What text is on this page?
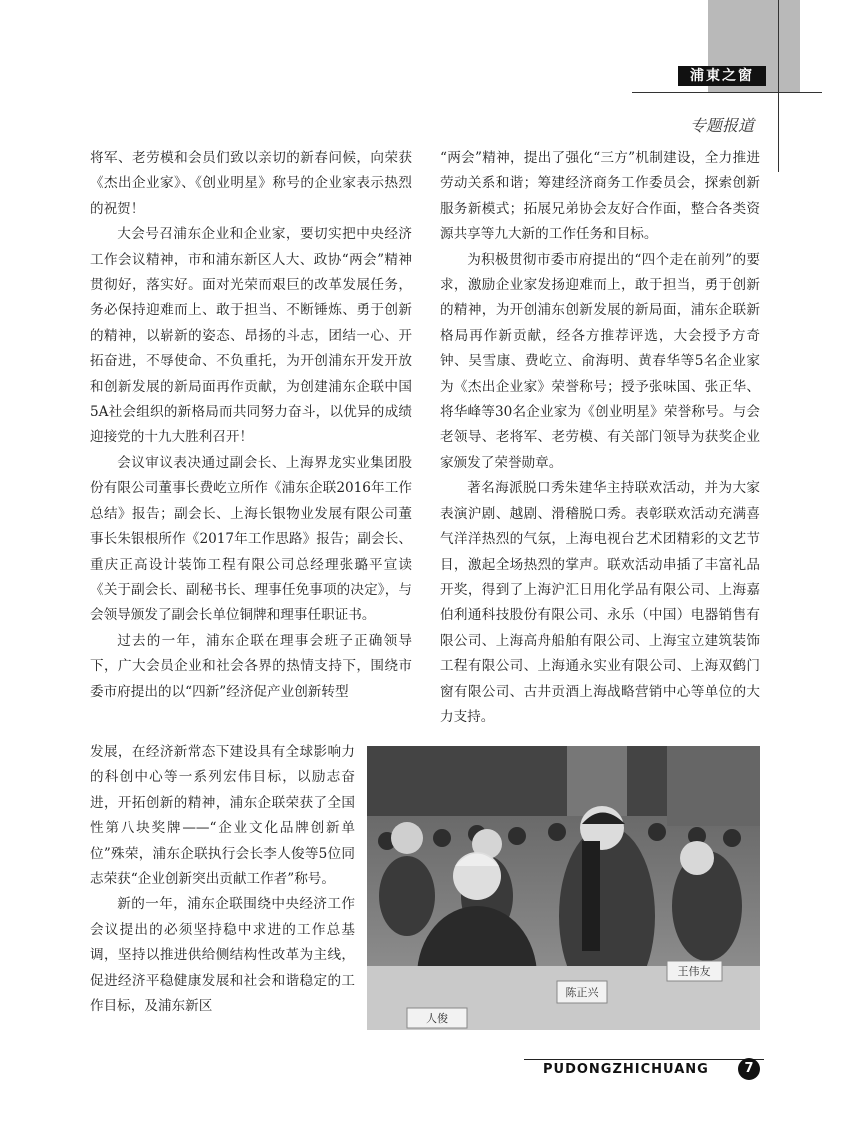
浦東之窗
专题报道

将军、老劳模和会员们致以亲切的新春问候，向荣获《杰出企业家》、《创业明星》称号的企业家表示热烈的祝贺！

大会号召浦东企业和企业家，要切实把中央经济工作会议精神，市和浦东新区人大、政协“两会”精神贯彻好，落实好。面对光荣而艰巨的改革发展任务，务必保持迎难而上、敢于担当、不断锤炼、勇于创新的精神，以崭新的姿态、昂扬的斗志，团结一心、开拓奋进，不辱使命、不负重托，为开创浦东开发开放和创新发展的新局面再作贡献，为创建浦东企联中国5A社会组织的新格局而共同努力奋斗，以优异的成绩迎接党的十九大胜利召开！

会议审议表决通过副会长、上海界龙实业集团股份有限公司董事长费屹立所作《浦东企联2016年工作总结》报告；副会长、上海长银物业发展有限公司董事长朱银根所作《2017年工作思路》报告；副会长、重庆正高设计装饰工程有限公司总经理张璐平宣读《关于副会长、副秘书长、理事任免事项的决定》，与会领导颁发了副会长单位铜牌和理事任职证书。

过去的一年，浦东企联在理事会班子正确领导下，广大会员企业和社会各界的热情支持下，围绕市委市府提出的以“四新”经济促产业创新转型

发展，在经济新常态下建设具有全球影响力的科创中心等一系列宏伟目标，以励志奋进，开拓创新的精神，浦东企联荣获了全国性第八块奖牌——“企业文化品牌创新单位”殊荣，浦东企联执行会长李人俊等5位同志荣获“企业创新突出贡献工作者”称号。

新的一年，浦东企联围绕中央经济工作会议提出的必须坚持稳中求进的工作总基调，坚持以推进供给侧结构性改革为主线，促进经济平稳健康发展和社会和谐稳定的工作目标，及浦东新区

“两会”精神，提出了强化“三方”机制建设，全力推进劳动关系和谐；筹建经济商务工作委员会，探索创新服务新模式；拓展兄弟协会友好合作面，整合各类资源共享等九大新的工作任务和目标。

为积极贯彻市委市府提出的“四个走在前列”的要求，激励企业家发扬迎难而上，敢于担当，勇于创新的精神，为开创浦东创新发展的新局面，浦东企联新格局再作新贡献，经各方推荐评选，大会授予方奇钟、吴雪康、费屹立、俞海明、黄春华等5名企业家为《杰出企业家》荣誉称号；授予张味国、张正华、将华峰等30名企业家为《创业明星》荣誉称号。与会老领导、老将军、老劳模、有关部门领导为获奖企业家颁发了荣誉勋章。

著名海派脱口秀朱建华主持联欢活动，并为大家表演沪剧、越剧、滑稽脱口秀。表彰联欢活动充满喜气洋洋热烈的气氛，上海电视台艺术团精彩的文艺节目，激起全场热烈的掌声。联欢活动串插了丰富礼品开奖，得到了上海沪汇日用化学品有限公司、上海嘉伯利通科技股份有限公司、永乐（中国）电器销售有限公司、上海高舟船舶有限公司、上海宝立建筑装饰工程有限公司、上海通永实业有限公司、上海双鹤门窗有限公司、古井贡酒上海战略营销中心等单位的大力支持。

陈正兴
王伟友
人俊
PUDONGZHICHUANG	7
